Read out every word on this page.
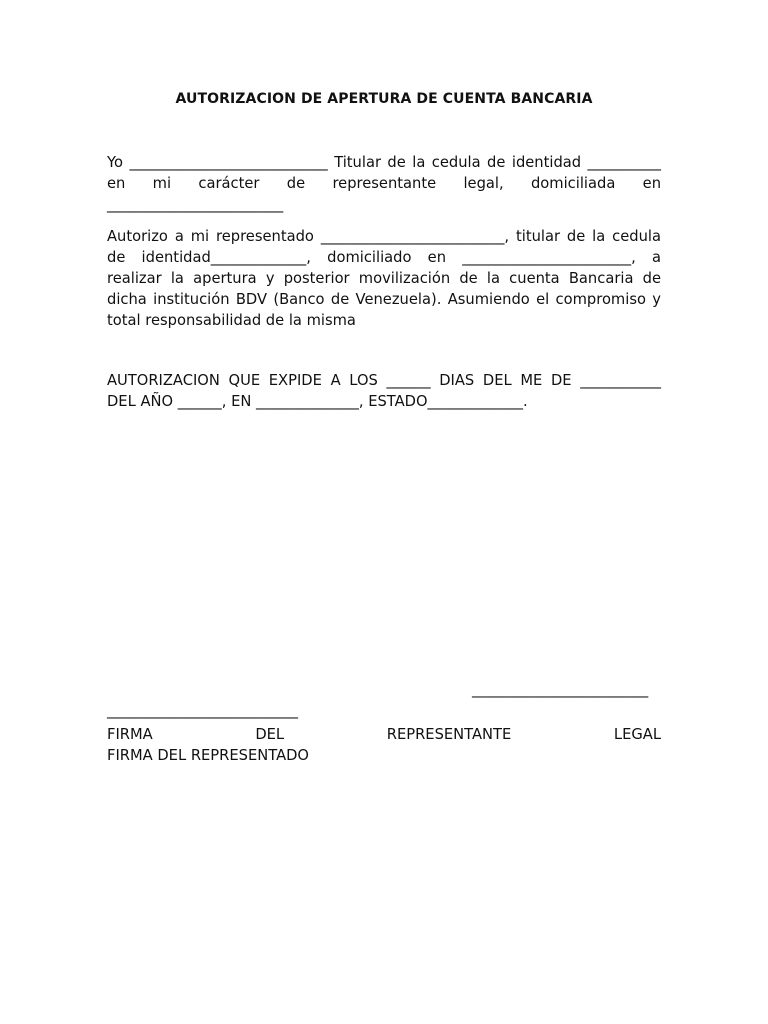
AUTORIZACION DE APERTURA DE CUENTA BANCARIA
Yo ___________________________ Titular de la cedula de identidad __________
en mi carácter de representante legal, domiciliada en
________________________
Autorizo a mi representado _________________________, titular de la cedula
de identidad_____________, domiciliado en _______________________, a
realizar la apertura y posterior movilización de la cuenta Bancaria de
dicha institución BDV (Banco de Venezuela). Asumiendo el compromiso y
total responsabilidad de la misma
AUTORIZACION QUE EXPIDE A LOS ______ DIAS DEL ME DE ___________
DEL AÑO ______, EN ______________, ESTADO_____________.
________________________
__________________________
FIRMA DEL REPRESENTANTE LEGAL
FIRMA DEL REPRESENTADO
